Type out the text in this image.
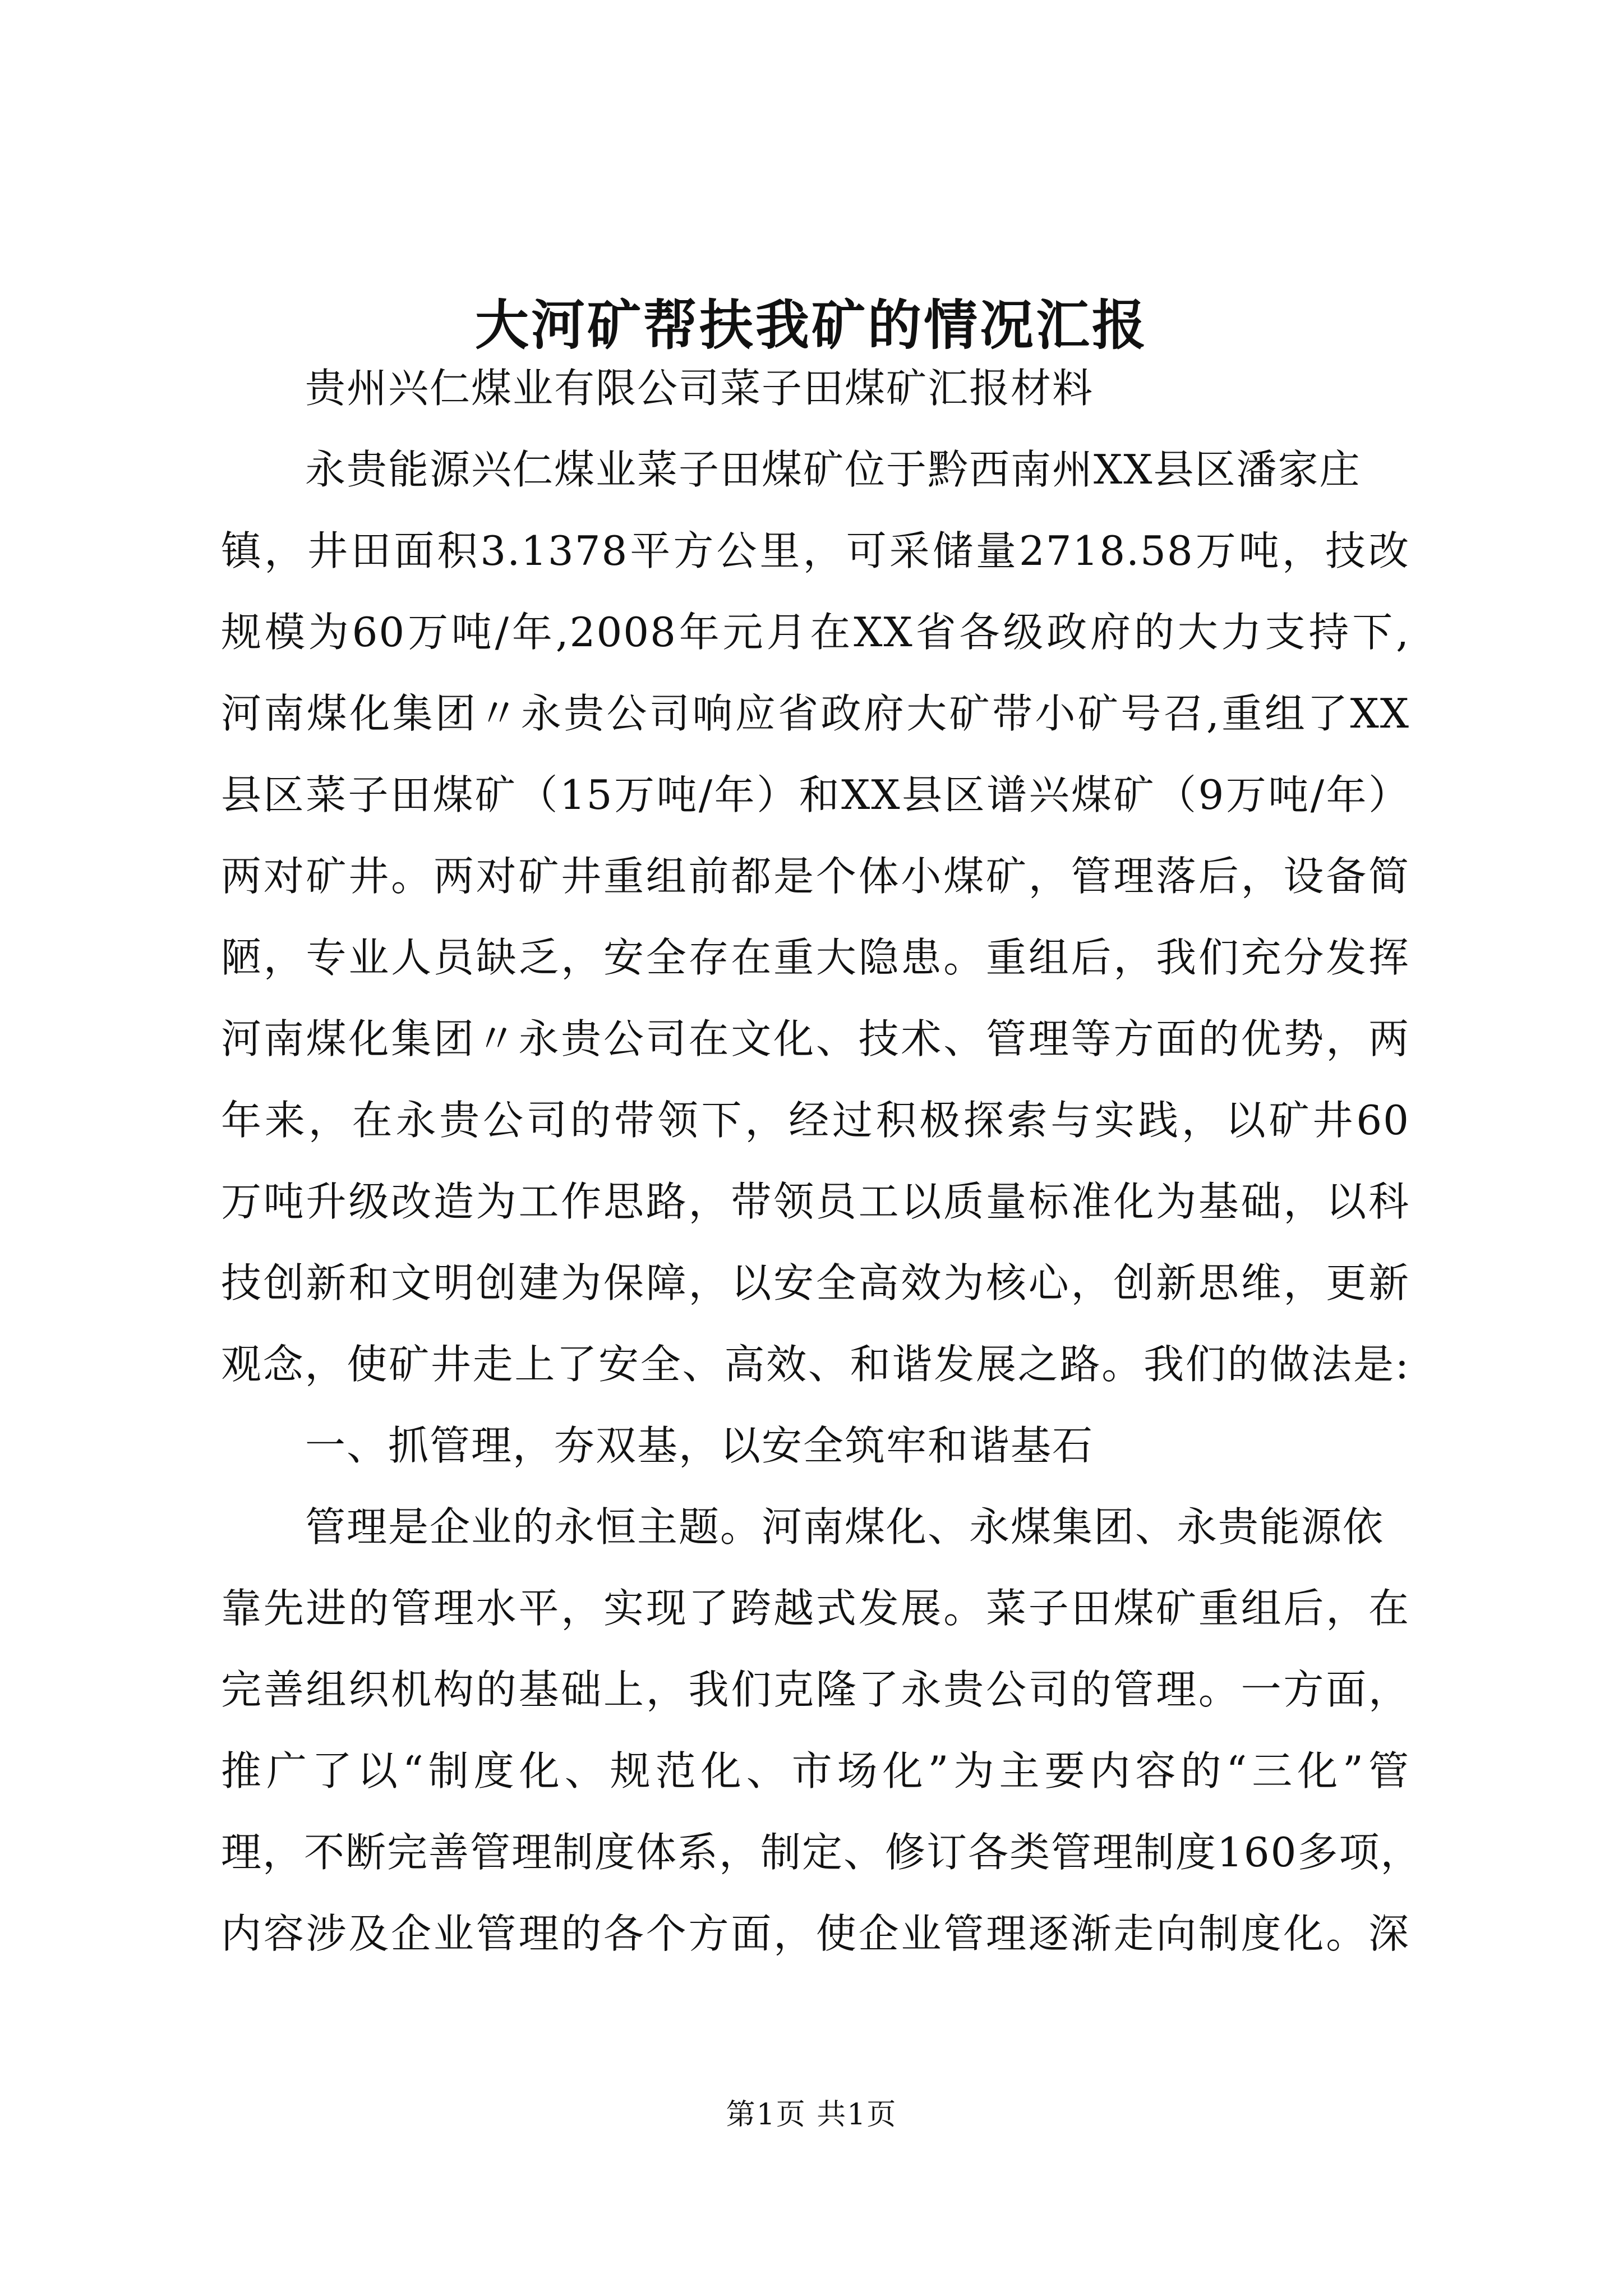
大河矿帮扶我矿的情况汇报
贵州兴仁煤业有限公司菜子田煤矿汇报材料
永贵能源兴仁煤业菜子田煤矿位于黔西南州XX县区潘家庄
镇，井田面积3.1378平方公里，可采储量2718.58万吨，技改
规模为60万吨/年,2008年元月在XX省各级政府的大力支持下,
河南煤化集团〃永贵公司响应省政府大矿带小矿号召,重组了XX
县区菜子田煤矿（15万吨/年）和XX县区谱兴煤矿（9万吨/年）
两对矿井。两对矿井重组前都是个体小煤矿，管理落后，设备简
陋，专业人员缺乏，安全存在重大隐患。重组后，我们充分发挥
河南煤化集团〃永贵公司在文化、技术、管理等方面的优势，两
年来，在永贵公司的带领下，经过积极探索与实践，以矿井60
万吨升级改造为工作思路，带领员工以质量标准化为基础，以科
技创新和文明创建为保障，以安全高效为核心，创新思维，更新
观念，使矿井走上了安全、高效、和谐发展之路。我们的做法是:
一、抓管理，夯双基，以安全筑牢和谐基石
管理是企业的永恒主题。河南煤化、永煤集团、永贵能源依
靠先进的管理水平，实现了跨越式发展。菜子田煤矿重组后，在
完善组织机构的基础上，我们克隆了永贵公司的管理。一方面，
推广了以“制度化、规范化、市场化”为主要内容的“三化”管
理，不断完善管理制度体系，制定、修订各类管理制度160多项，
内容涉及企业管理的各个方面，使企业管理逐渐走向制度化。深
第1页 共1页
